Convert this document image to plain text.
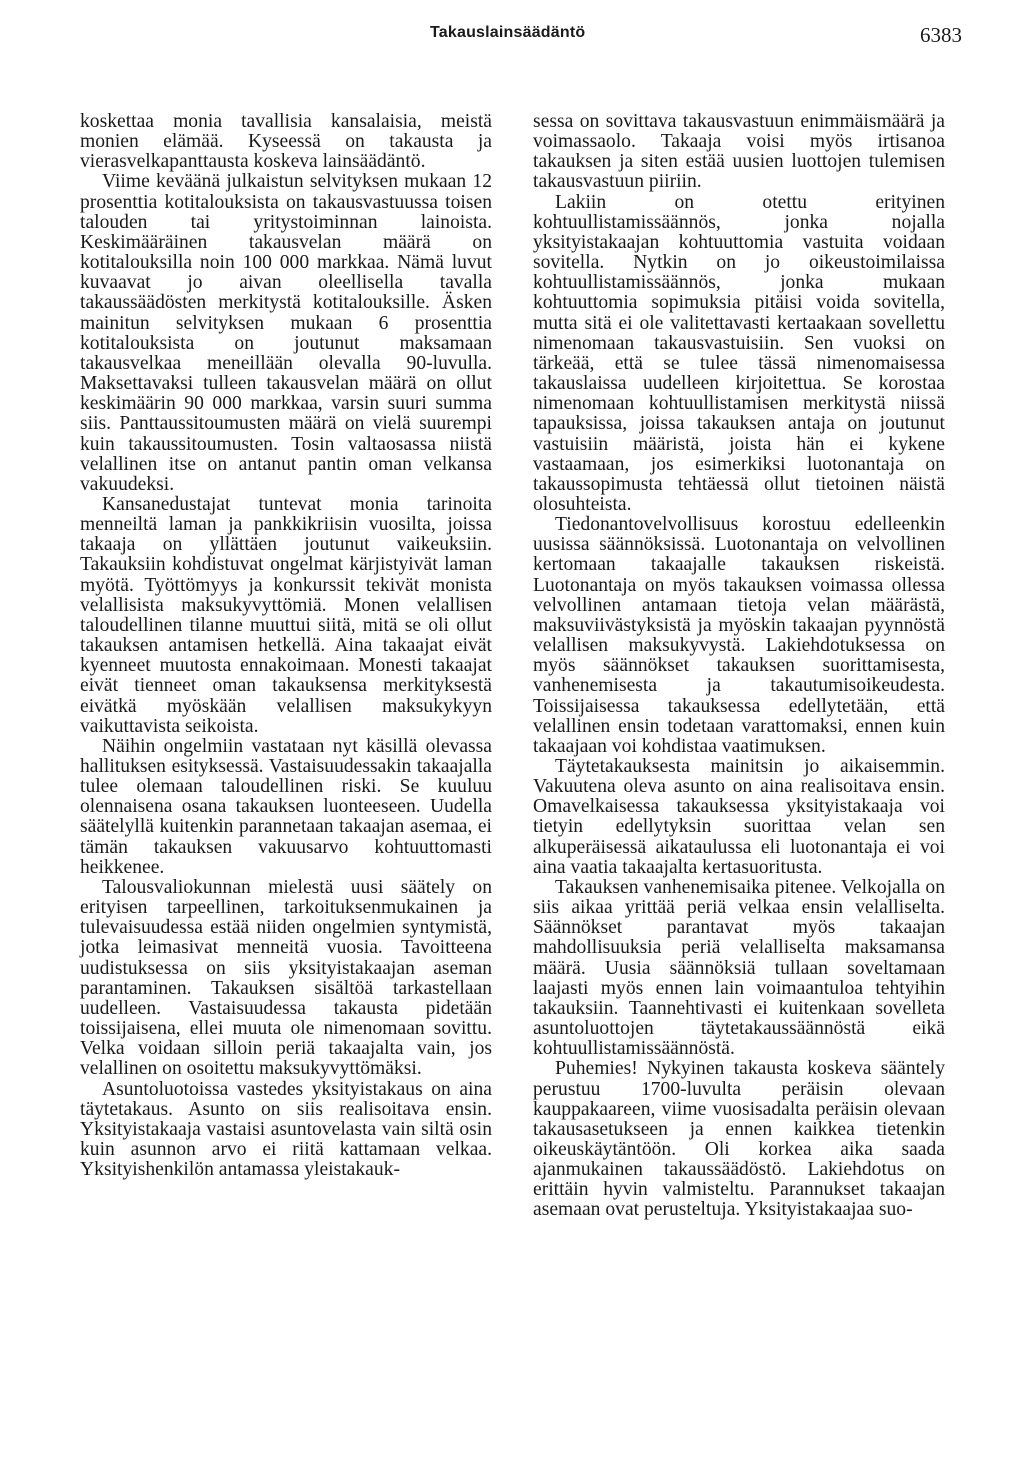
Takauslainsäädäntö	6383

koskettaa monia tavallisia kansalaisia, meistä monien elämää. Kyseessä on takausta ja vierasvelkapanttausta koskeva lainsäädäntö.

Viime keväänä julkaistun selvityksen mukaan 12 prosenttia kotitalouksista on takausvastuussa toisen talouden tai yritystoiminnan lainoista. Keskimääräinen takausvelan määrä on kotitalouksilla noin 100 000 markkaa. Nämä luvut kuvaavat jo aivan oleellisella tavalla takaussäädösten merkitystä kotitalouksille. Äsken mainitun selvityksen mukaan 6 prosenttia kotitalouksista on joutunut maksamaan takausvelkaa meneillään olevalla 90-luvulla. Maksettavaksi tulleen takausvelan määrä on ollut keskimäärin 90 000 markkaa, varsin suuri summa siis. Panttaussitoumusten määrä on vielä suurempi kuin takaussitoumusten. Tosin valtaosassa niistä velallinen itse on antanut pantin oman velkansa vakuudeksi.

Kansanedustajat tuntevat monia tarinoita menneiltä laman ja pankkikriisin vuosilta, joissa takaaja on yllättäen joutunut vaikeuksiin. Takauksiin kohdistuvat ongelmat kärjistyivät laman myötä. Työttömyys ja konkurssit tekivät monista velallisista maksukyvyttömiä. Monen velallisen taloudellinen tilanne muuttui siitä, mitä se oli ollut takauksen antamisen hetkellä. Aina takaajat eivät kyenneet muutosta ennakoimaan. Monesti takaajat eivät tienneet oman takauksensa merkityksestä eivätkä myöskään velallisen maksukykyyn vaikuttavista seikoista.

Näihin ongelmiin vastataan nyt käsillä olevassa hallituksen esityksessä. Vastaisuudessakin takaajalla tulee olemaan taloudellinen riski. Se kuuluu olennaisena osana takauksen luonteeseen. Uudella säätelyllä kuitenkin parannetaan takaajan asemaa, ei tämän takauksen vakuusarvo kohtuuttomasti heikkenee.

Talousvaliokunnan mielestä uusi säätely on erityisen tarpeellinen, tarkoituksenmukainen ja tulevaisuudessa estää niiden ongelmien syntymistä, jotka leimasivat menneitä vuosia. Tavoitteena uudistuksessa on siis yksityistakaajan aseman parantaminen. Takauksen sisältöä tarkastellaan uudelleen. Vastaisuudessa takausta pidetään toissijaisena, ellei muuta ole nimenomaan sovittu. Velka voidaan silloin periä takaajalta vain, jos velallinen on osoitettu maksukyvyttömäksi.

Asuntoluotoissa vastedes yksityistakaus on aina täytetakaus. Asunto on siis realisoitava ensin. Yksityistakaaja vastaisi asuntovelasta vain siltä osin kuin asunnon arvo ei riitä kattamaan velkaa. Yksityishenkilön antamassa yleistakauk-

sessa on sovittava takausvastuun enimmäismäärä ja voimassaolo. Takaaja voisi myös irtisanoa takauksen ja siten estää uusien luottojen tulemisen takausvastuun piiriin.

Lakiin on otettu erityinen kohtuullistamissäännös, jonka nojalla yksityistakaajan kohtuuttomia vastuita voidaan sovitella. Nytkin on jo oikeustoimilaissa kohtuullistamissäännös, jonka mukaan kohtuuttomia sopimuksia pitäisi voida sovitella, mutta sitä ei ole valitettavasti kertaakaan sovellettu nimenomaan takausvastuisiin. Sen vuoksi on tärkeää, että se tulee tässä nimenomaisessa takauslaissa uudelleen kirjoitettua. Se korostaa nimenomaan kohtuullistamisen merkitystä niissä tapauksissa, joissa takauksen antaja on joutunut vastuisiin määristä, joista hän ei kykene vastaamaan, jos esimerkiksi luotonantaja on takaussopimusta tehtäessä ollut tietoinen näistä olosuhteista.

Tiedonantovelvollisuus korostuu edelleenkin uusissa säännöksissä. Luotonantaja on velvollinen kertomaan takaajalle takauksen riskeistä. Luotonantaja on myös takauksen voimassa ollessa velvollinen antamaan tietoja velan määrästä, maksuviivästyksistä ja myöskin takaajan pyynnöstä velallisen maksukyvystä. Lakiehdotuksessa on myös säännökset takauksen suorittamisesta, vanhenemisesta ja takautumisoikeudesta. Toissijaisessa takauksessa edellytetään, että velallinen ensin todetaan varattomaksi, ennen kuin takaajaan voi kohdistaa vaatimuksen.

Täytetakauksesta mainitsin jo aikaisemmin. Vakuutena oleva asunto on aina realisoitava ensin. Omavelkaisessa takauksessa yksityistakaaja voi tietyin edellytyksin suorittaa velan sen alkuperäisessä aikataulussa eli luotonantaja ei voi aina vaatia takaajalta kertasuoritusta.

Takauksen vanhenemisaika pitenee. Velkojalla on siis aikaa yrittää periä velkaa ensin velalliselta. Säännökset parantavat myös takaajan mahdollisuuksia periä velalliselta maksamansa määrä. Uusia säännöksiä tullaan soveltamaan laajasti myös ennen lain voimaantuloa tehtyihin takauksiin. Taannehtivasti ei kuitenkaan sovelleta asuntoluottojen täytetakaussäännöstä eikä kohtuullistamissäännöstä.

Puhemies! Nykyinen takausta koskeva sääntely perustuu 1700-luvulta peräisin olevaan kauppakaareen, viime vuosisadalta peräisin olevaan takausasetukseen ja ennen kaikkea tietenkin oikeuskäytäntöön. Oli korkea aika saada ajanmukainen takaussäädöstö. Lakiehdotus on erittäin hyvin valmisteltu. Parannukset takaajan asemaan ovat perusteltuja. Yksityistakaajaa suo-
